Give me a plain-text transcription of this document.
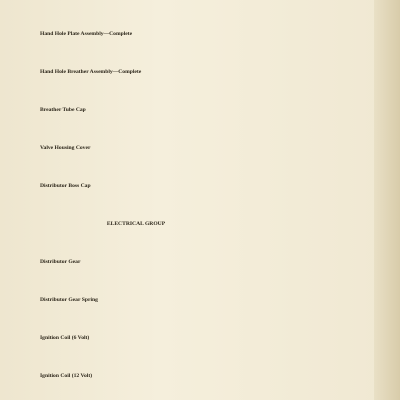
Hand Hole Plate Assembly—Complete
Hand Hole Breather Assembly—Complete
Breather Tube Cap
Valve Housing Cover
Distributor Boss Cap
ELECTRICAL GROUP
Distributor Gear
Distributor Gear Spring
Ignition Coil (6 Volt)
Ignition Coil (12 Volt)
